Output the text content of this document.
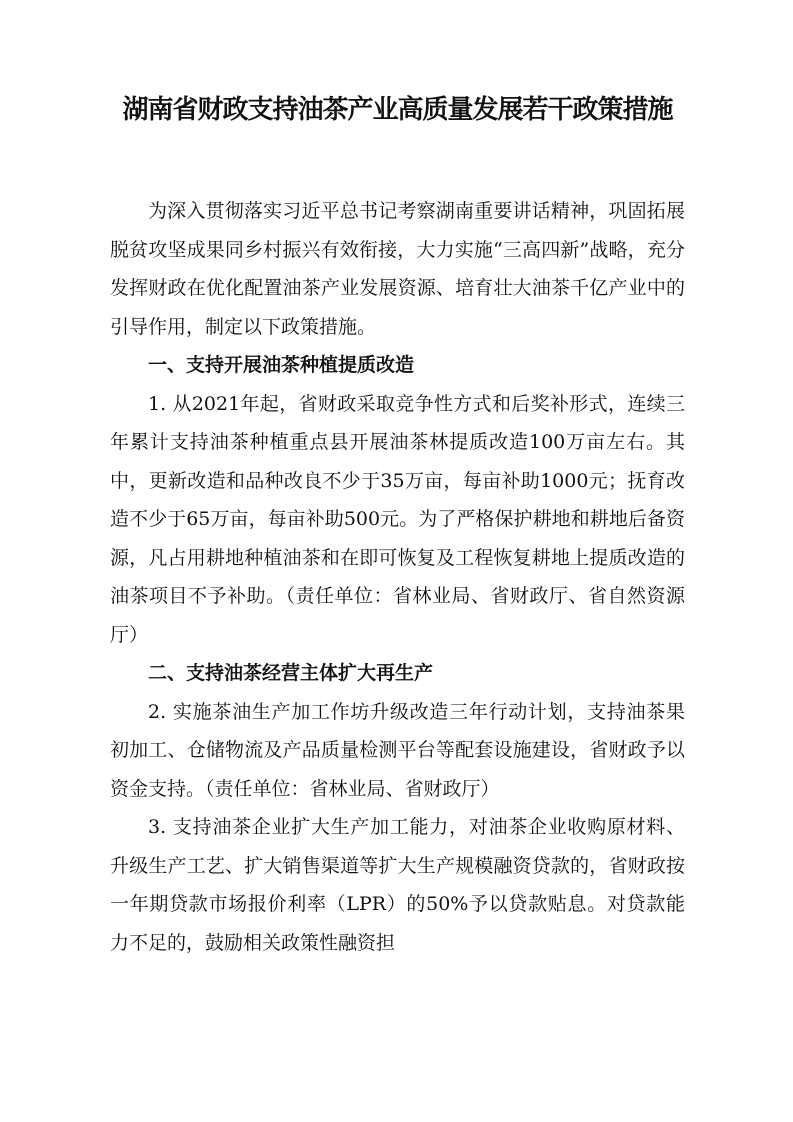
湖南省财政支持油茶产业高质量发展若干政策措施

为深入贯彻落实习近平总书记考察湖南重要讲话精神，巩固拓展脱贫攻坚成果同乡村振兴有效衔接，大力实施“三高四新”战略，充分发挥财政在优化配置油茶产业发展资源、培育壮大油茶千亿产业中的引导作用，制定以下政策措施。

一、支持开展油茶种植提质改造

1. 从2021年起，省财政采取竞争性方式和后奖补形式，连续三年累计支持油茶种植重点县开展油茶林提质改造100万亩左右。其中，更新改造和品种改良不少于35万亩，每亩补助1000元；抚育改造不少于65万亩，每亩补助500元。为了严格保护耕地和耕地后备资源，凡占用耕地种植油茶和在即可恢复及工程恢复耕地上提质改造的油茶项目不予补助。（责任单位：省林业局、省财政厅、省自然资源厅）

二、支持油茶经营主体扩大再生产

2. 实施茶油生产加工作坊升级改造三年行动计划，支持油茶果初加工、仓储物流及产品质量检测平台等配套设施建设，省财政予以资金支持。（责任单位：省林业局、省财政厅）

3. 支持油茶企业扩大生产加工能力，对油茶企业收购原材料、升级生产工艺、扩大销售渠道等扩大生产规模融资贷款的，省财政按一年期贷款市场报价利率（LPR）的50%予以贷款贴息。对贷款能力不足的，鼓励相关政策性融资担
